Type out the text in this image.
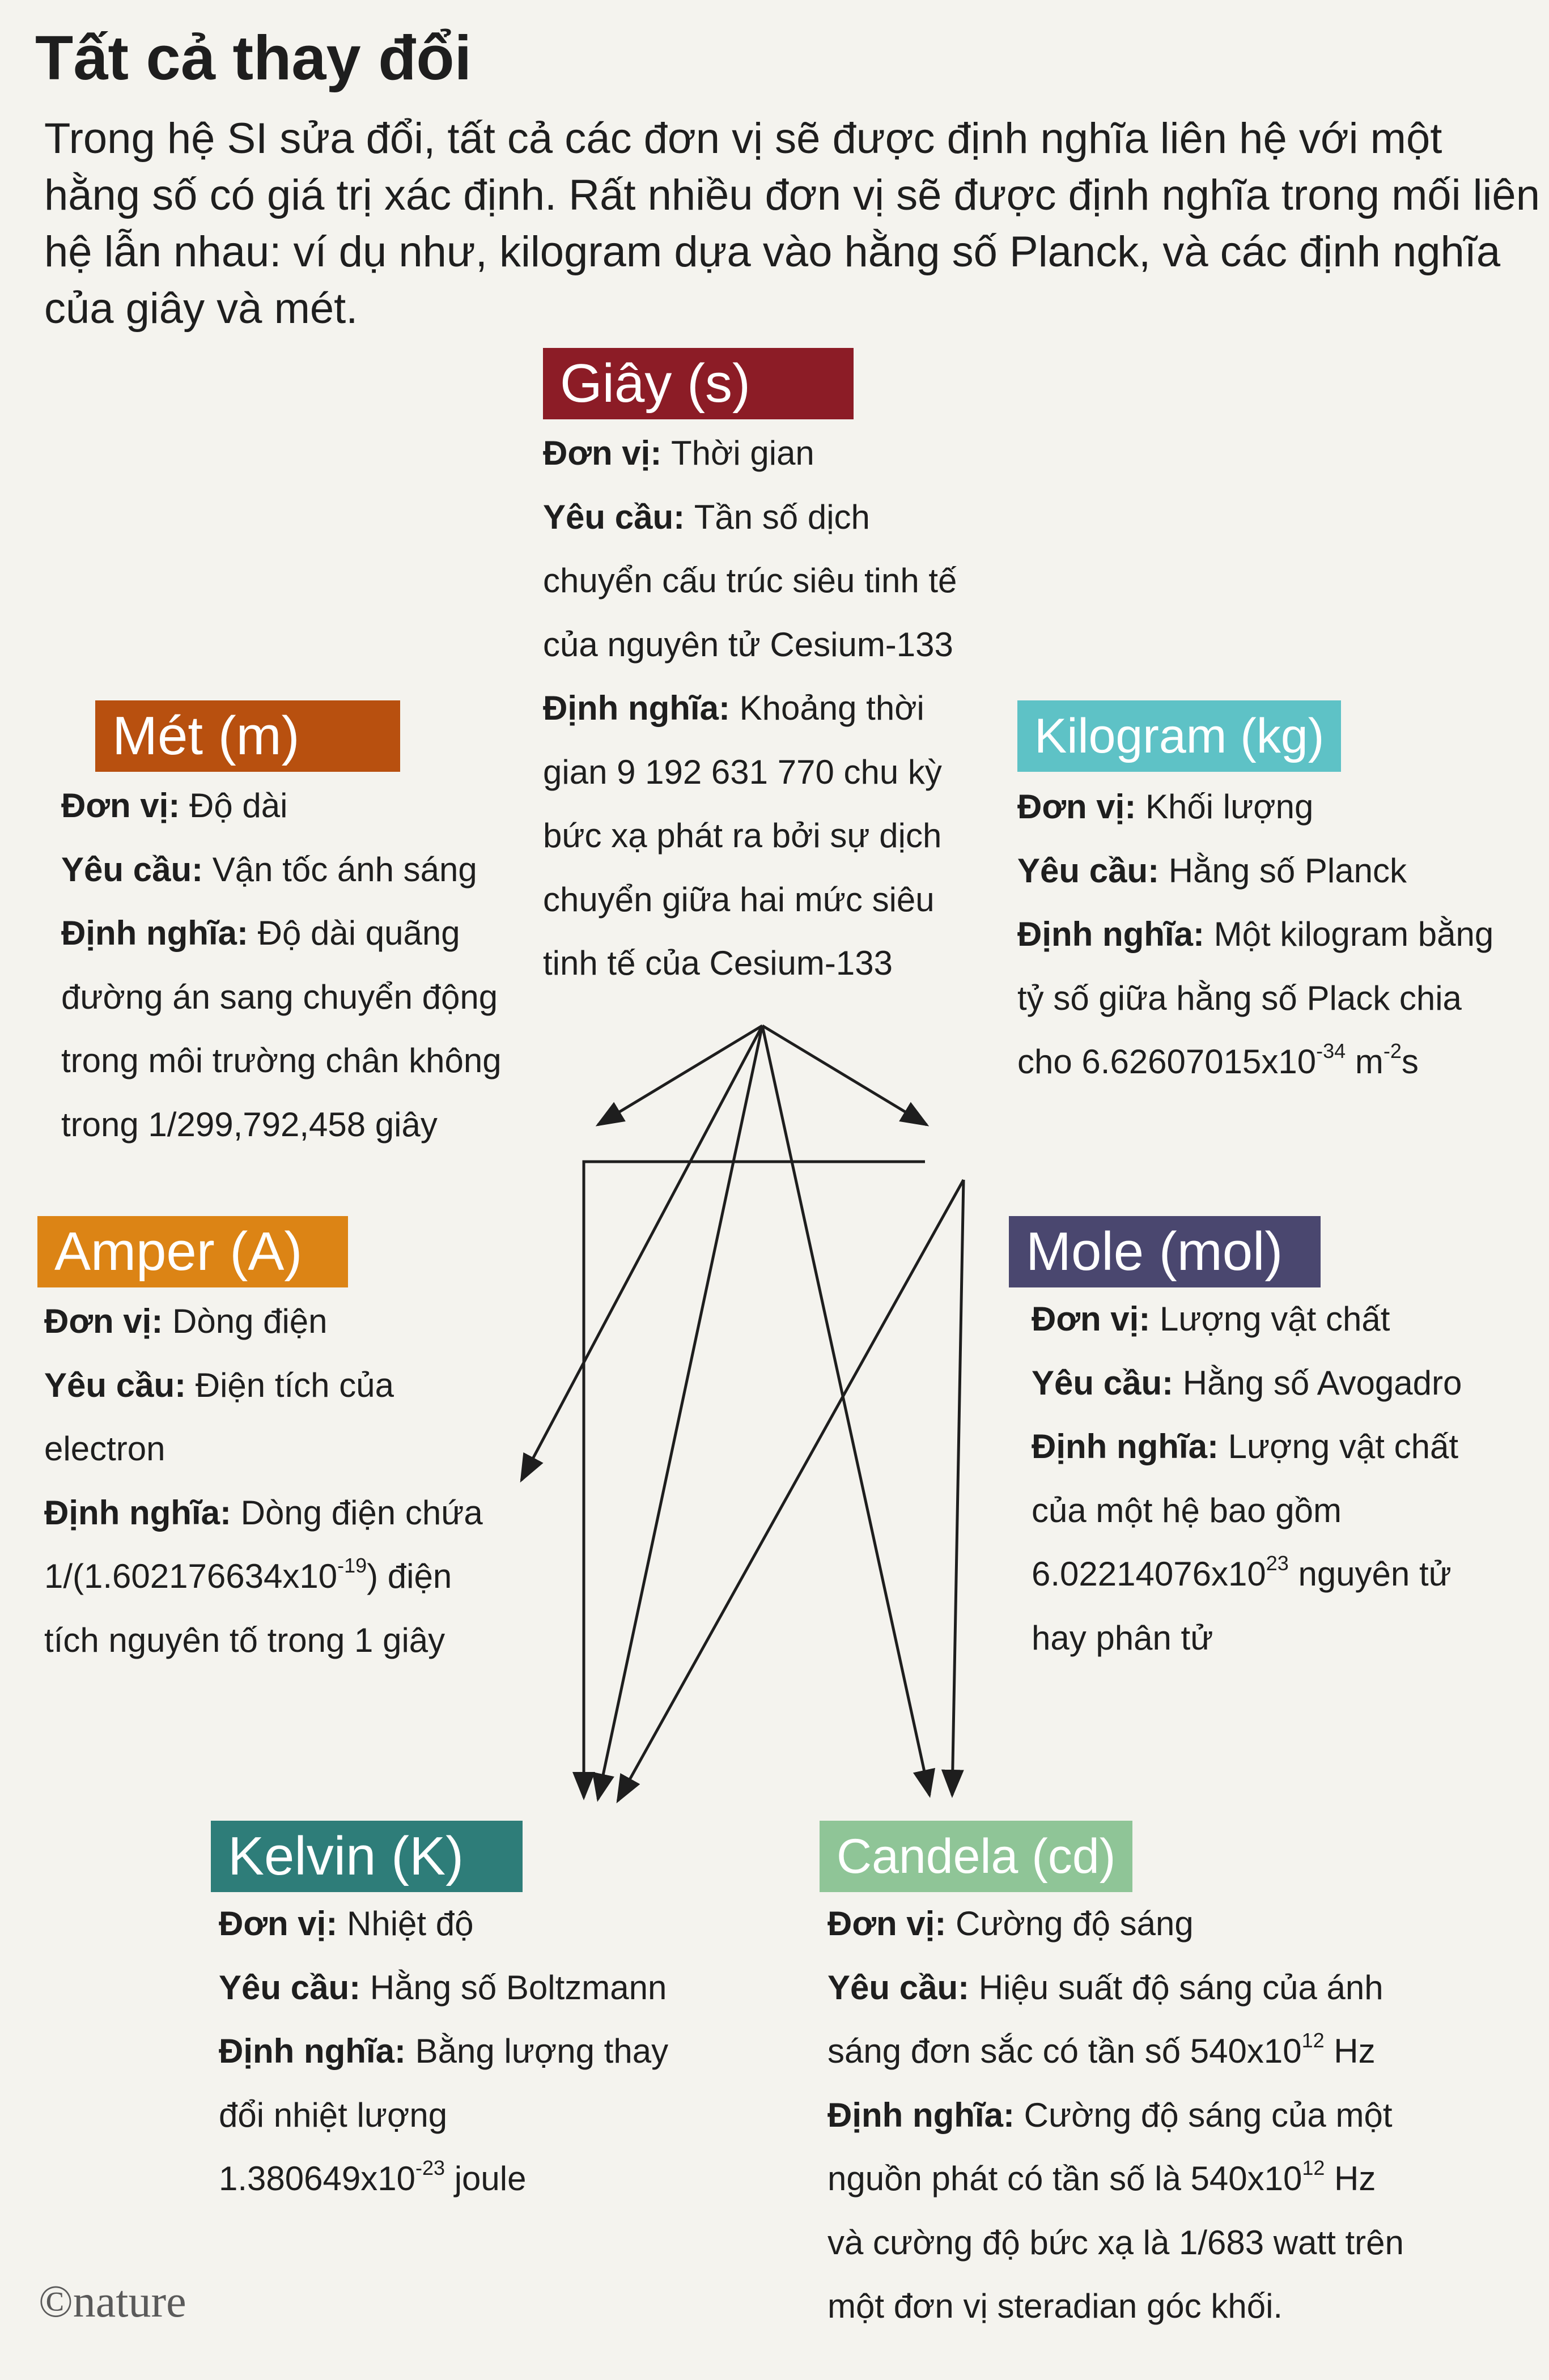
Tất cả thay đổi

Trong hệ SI sửa đổi, tất cả các đơn vị sẽ được định nghĩa liên hệ với một hằng số có giá trị xác định. Rất nhiều đơn vị sẽ được định nghĩa trong mối liên hệ lẫn nhau: ví dụ như, kilogram dựa vào hằng số Planck, và các định nghĩa của giây và mét.

Giây (s)

Đơn vị: Thời gian

Yêu cầu: Tần số dịch

chuyển cấu trúc siêu tinh tế

của nguyên tử Cesium-133

Định nghĩa: Khoảng thời

gian 9 192 631 770 chu kỳ

bức xạ phát ra bởi sự dịch

chuyển giữa hai mức siêu

tinh tế của Cesium-133

Mét (m)

Đơn vị: Độ dài

Yêu cầu: Vận tốc ánh sáng

Định nghĩa: Độ dài quãng

đường án sang chuyển động

trong môi trường chân không

trong 1/299,792,458 giây

Kilogram (kg)

Đơn vị: Khối lượng

Yêu cầu: Hằng số Planck

Định nghĩa: Một kilogram bằng

tỷ số giữa hằng số Plack chia

cho $6.62607015x10^{-34}$ $m^{-2}s$

Amper (A)

Đơn vị: Dòng điện

Yêu cầu: Điện tích của

electron

Định nghĩa: Dòng điện chứa

$1/(1.602176634x10^{-19})$ điện

tích nguyên tố trong 1 giây

Mole (mol)

Đơn vị: Lượng vật chất

Yêu cầu: Hằng số Avogadro

Định nghĩa: Lượng vật chất

của một hệ bao gồm

$6.02214076x10^{23}$ nguyên tử

hay phân tử

Kelvin (K)

Đơn vị: Nhiệt độ

Yêu cầu: Hằng số Boltzmann

Định nghĩa: Bằng lượng thay

đổi nhiệt lượng

$1.380649x10^{-23}$ joule

Candela (cd)

Đơn vị: Cường độ sáng

Yêu cầu: Hiệu suất độ sáng của ánh

sáng đơn sắc có tần số $540x10^{12}$ Hz

Định nghĩa: Cường độ sáng của một

nguồn phát có tần số là $540x10^{12}$ Hz

và cường độ bức xạ là 1/683 watt trên

một đơn vị steradian góc khối.

©nature
